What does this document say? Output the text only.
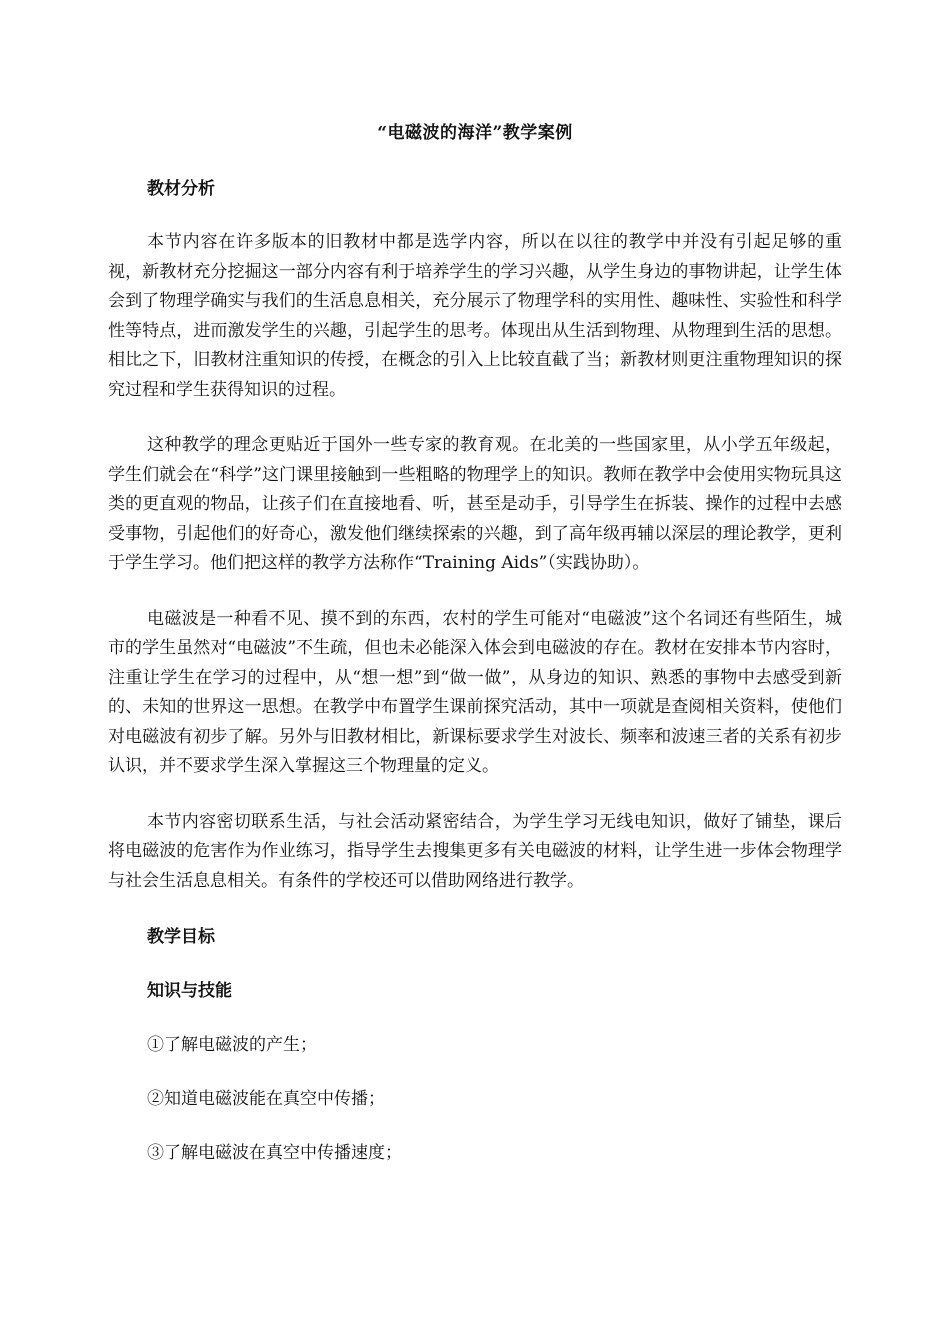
“电磁波的海洋”教学案例
教材分析

本节内容在许多版本的旧教材中都是选学内容，所以在以往的教学中并没有引起足够的重视，新教材充分挖掘这一部分内容有利于培养学生的学习兴趣，从学生身边的事物讲起，让学生体会到了物理学确实与我们的生活息息相关，充分展示了物理学科的实用性、趣味性、实验性和科学性等特点，进而激发学生的兴趣，引起学生的思考。体现出从生活到物理、从物理到生活的思想。相比之下，旧教材注重知识的传授，在概念的引入上比较直截了当；新教材则更注重物理知识的探究过程和学生获得知识的过程。

这种教学的理念更贴近于国外一些专家的教育观。在北美的一些国家里，从小学五年级起，学生们就会在“科学”这门课里接触到一些粗略的物理学上的知识。教师在教学中会使用实物玩具这类的更直观的物品，让孩子们在直接地看、听，甚至是动手，引导学生在拆装、操作的过程中去感受事物，引起他们的好奇心，激发他们继续探索的兴趣，到了高年级再辅以深层的理论教学，更利于学生学习。他们把这样的教学方法称作“Training Aids”（实践协助）。

电磁波是一种看不见、摸不到的东西，农村的学生可能对“电磁波”这个名词还有些陌生，城市的学生虽然对“电磁波”不生疏，但也未必能深入体会到电磁波的存在。教材在安排本节内容时，注重让学生在学习的过程中，从“想一想”到“做一做”，从身边的知识、熟悉的事物中去感受到新的、未知的世界这一思想。在教学中布置学生课前探究活动，其中一项就是查阅相关资料，使他们对电磁波有初步了解。另外与旧教材相比，新课标要求学生对波长、频率和波速三者的关系有初步认识，并不要求学生深入掌握这三个物理量的定义。

本节内容密切联系生活，与社会活动紧密结合，为学生学习无线电知识，做好了铺垫，课后将电磁波的危害作为作业练习，指导学生去搜集更多有关电磁波的材料，让学生进一步体会物理学与社会生活息息相关。有条件的学校还可以借助网络进行教学。

教学目标
知识与技能
①了解电磁波的产生；
②知道电磁波能在真空中传播；
③了解电磁波在真空中传播速度；
